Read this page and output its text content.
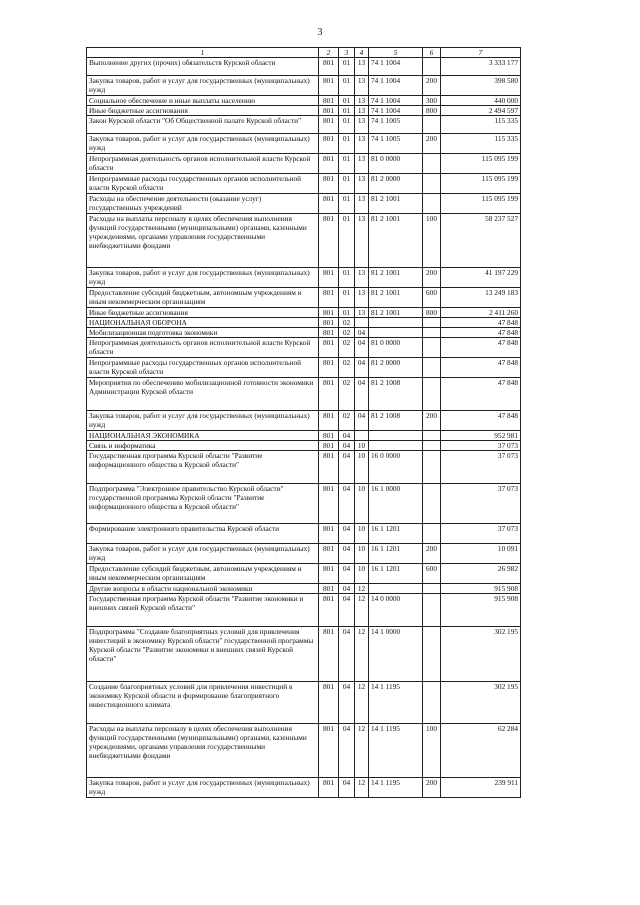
3
1	2	3	4	5	6	7
Выполнение других (прочих) обязательств Курской области	801	01	13	74 1 1004		3 333 177
Закупка товаров, работ и услуг для государственных (муниципальных) нужд	801	01	13	74 1 1004	200	398 580
Социальное обеспечение и иные выплаты населению	801	01	13	74 1 1004	300	440 000
Иные бюджетные ассигнования	801	01	13	74 1 1004	800	2 494 597
Закон Курской области "Об Общественной палате Курской области"	801	01	13	74 1 1005		115 335
Закупка товаров, работ и услуг для государственных (муниципальных) нужд	801	01	13	74 1 1005	200	115 335
Непрограммная деятельность органов исполнительной власти Курской области	801	01	13	81 0 0000		115 095 199
Непрограммные расходы государственных органов исполнительной власти Курской области	801	01	13	81 2 0000		115 095 199
Расходы на обеспечение деятельности (оказание услуг) государственных учреждений	801	01	13	81 2 1001		115 095 199
Расходы на выплаты персоналу в целях обеспечения выполнения функций государственными (муниципальными) органами, казенными учреждениями, органами управления государственными внебюджетными фондами	801	01	13	81 2 1001	100	58 237 527
Закупка товаров, работ и услуг для государственных (муниципальных) нужд	801	01	13	81 2 1001	200	41 197 229
Предоставление субсидий бюджетным, автономным учреждениям и иным некоммерческим организациям	801	01	13	81 2 1001	600	13 249 183
Иные бюджетные ассигнования	801	01	13	81 2 1001	800	2 411 260
НАЦИОНАЛЬНАЯ ОБОРОНА	801	02				47 848
Мобилизационная подготовка экономики	801	02	04			47 848
Непрограммная деятельность органов исполнительной власти Курской области	801	02	04	81 0 0000		47 848
Непрограммные расходы государственных органов исполнительной власти Курской области	801	02	04	81 2 0000		47 848
Мероприятия по обеспечению мобилизационной готовности экономики Администрации Курской области	801	02	04	81 2 1008		47 848
Закупка товаров, работ и услуг для государственных (муниципальных) нужд	801	02	04	81 2 1008	200	47 848
НАЦИОНАЛЬНАЯ ЭКОНОМИКА	801	04				952 981
Связь и информатика	801	04	10			37 073
Государственная программа Курской области "Развитие информационного общества в Курской области"	801	04	10	16 0 0000		37 073
Подпрограмма "Электронное правительство Курской области" государственной программы Курской области "Развитие информационного общества в Курской области"	801	04	10	16 1 0000		37 073
Формирование электронного правительства Курской области	801	04	10	16 1 1201		37 073
Закупка товаров, работ и услуг для государственных (муниципальных) нужд	801	04	10	16 1 1201	200	10 091
Предоставление субсидий бюджетным, автономным учреждениям и иным некоммерческим организациям	801	04	10	16 1 1201	600	26 982
Другие вопросы в области национальной экономики	801	04	12			915 908
Государственная программа Курской области "Развитие экономики и внешних связей Курской области"	801	04	12	14 0 0000		915 908
Подпрограмма "Создание благоприятных условий для привлечения инвестиций в экономику Курской области" государственной программы Курской области "Развитие экономики и внешних связей Курской области"	801	04	12	14 1 0000		302 195
Создание благоприятных условий для привлечения инвестиций в экономику Курской области и формирование благоприятного инвестиционного климата	801	04	12	14 1 1195		302 195
Расходы на выплаты персоналу в целях обеспечения выполнения функций государственными (муниципальными) органами, казенными учреждениями, органами управления государственными внебюджетными фондами	801	04	12	14 1 1195	100	62 284
Закупка товаров, работ и услуг для государственных (муниципальных) нужд	801	04	12	14 1 1195	200	239 911
